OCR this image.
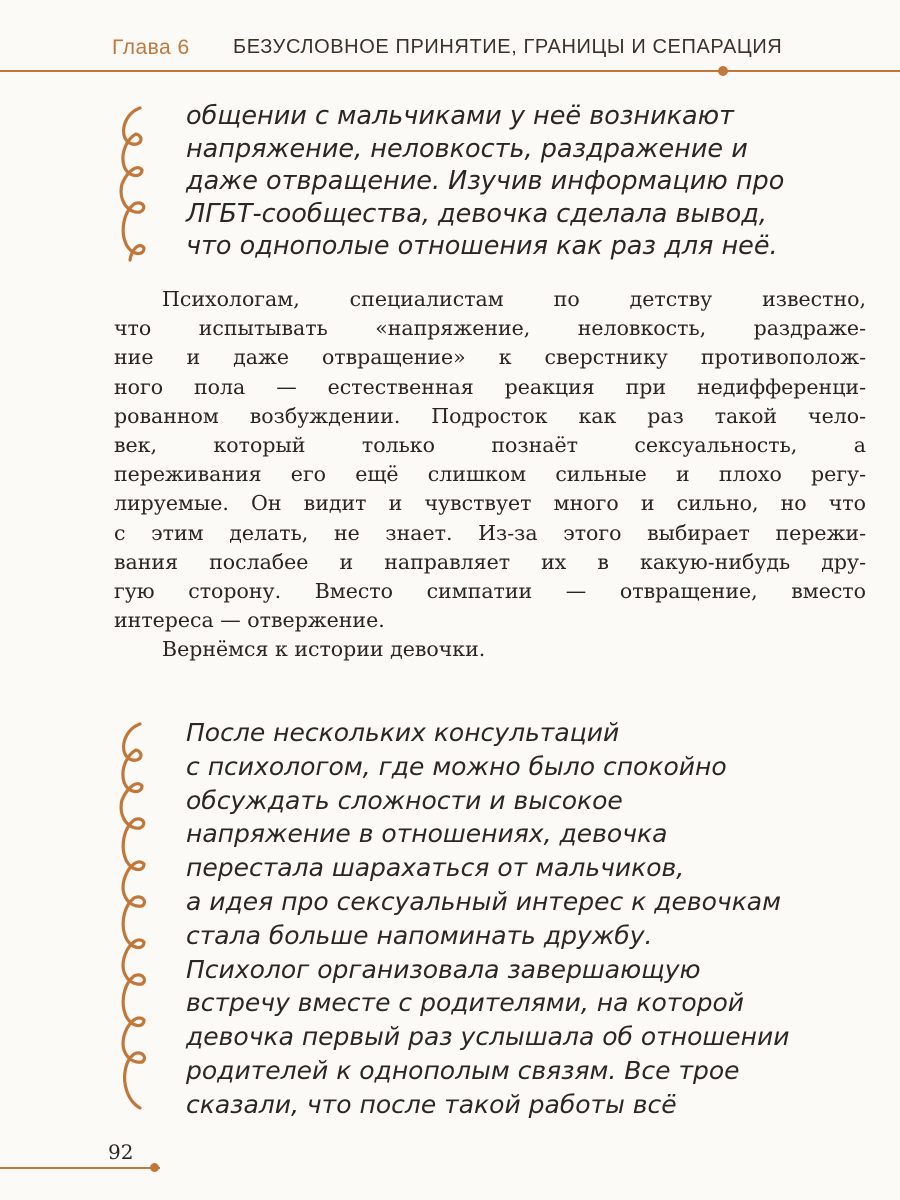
Глава 6 БЕЗУСЛОВНОЕ ПРИНЯТИЕ, ГРАНИЦЫ И СЕПАРАЦИЯ
общении с мальчиками у неё возникают
напряжение, неловкость, раздражение и
даже отвращение. Изучив информацию про
ЛГБТ-сообщества, девочка сделала вывод,
что однополые отношения как раз для неё.
Психологам, специалистам по детству известно,
что испытывать «напряжение, неловкость, раздраже-
ние и даже отвращение» к сверстнику противополож-
ного пола — естественная реакция при недифференци-
рованном возбуждении. Подросток как раз такой чело-
век, который только познаёт сексуальность, а
переживания его ещё слишком сильные и плохо регу-
лируемые. Он видит и чувствует много и сильно, но что
с этим делать, не знает. Из-за этого выбирает пережи-
вания послабее и направляет их в какую-нибудь дру-
гую сторону. Вместо симпатии — отвращение, вместо
интереса — отвержение.
Вернёмся к истории девочки.
После нескольких консультаций
с психологом, где можно было спокойно
обсуждать сложности и высокое
напряжение в отношениях, девочка
перестала шарахаться от мальчиков,
а идея про сексуальный интерес к девочкам
стала больше напоминать дружбу.
Психолог организовала завершающую
встречу вместе с родителями, на которой
девочка первый раз услышала об отношении
родителей к однополым связям. Все трое
сказали, что после такой работы всё
92
